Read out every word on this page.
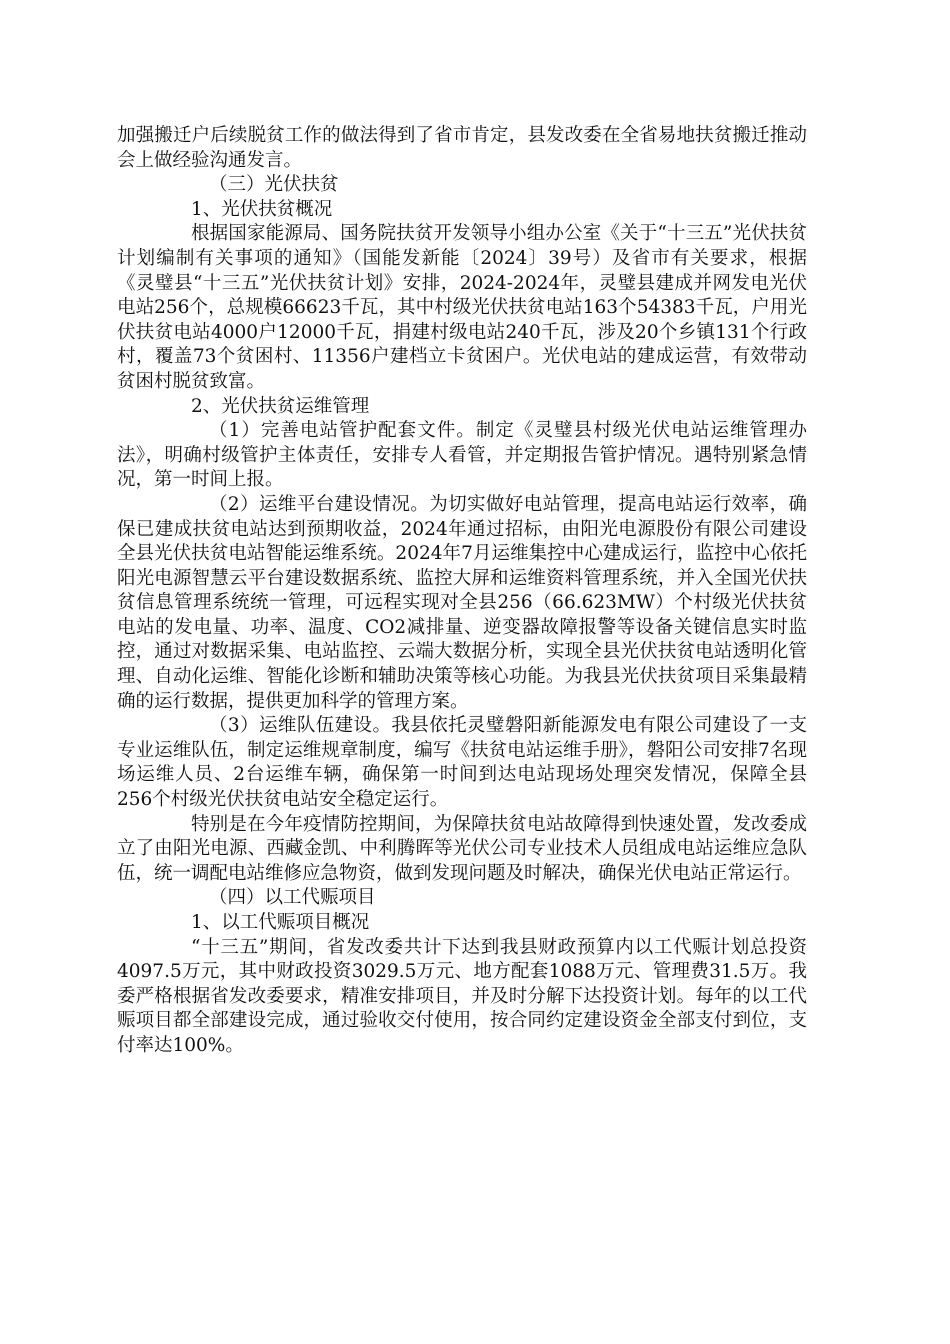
加强搬迁户后续脱贫工作的做法得到了省市肯定，县发改委在全省易地扶贫搬迁推动会上做经验沟通发言。

（三）光伏扶贫

1、光伏扶贫概况

根据国家能源局、国务院扶贫开发领导小组办公室《关于“十三五”光伏扶贫计划编制有关事项的通知》（国能发新能〔2024〕39号）及省市有关要求，根据《灵璧县“十三五”光伏扶贫计划》安排，2024-2024年，灵璧县建成并网发电光伏电站256个，总规模66623千瓦，其中村级光伏扶贫电站163个54383千瓦，户用光伏扶贫电站4000户12000千瓦，捐建村级电站240千瓦，涉及20个乡镇131个行政村，覆盖73个贫困村、11356户建档立卡贫困户。光伏电站的建成运营，有效带动贫困村脱贫致富。

2、光伏扶贫运维管理

（1）完善电站管护配套文件。制定《灵璧县村级光伏电站运维管理办法》，明确村级管护主体责任，安排专人看管，并定期报告管护情况。遇特别紧急情况，第一时间上报。

（2）运维平台建设情况。为切实做好电站管理，提高电站运行效率，确保已建成扶贫电站达到预期收益，2024年通过招标，由阳光电源股份有限公司建设全县光伏扶贫电站智能运维系统。2024年7月运维集控中心建成运行，监控中心依托阳光电源智慧云平台建设数据系统、监控大屏和运维资料管理系统，并入全国光伏扶贫信息管理系统统一管理，可远程实现对全县256（66.623MW）个村级光伏扶贫电站的发电量、功率、温度、CO2减排量、逆变器故障报警等设备关键信息实时监控，通过对数据采集、电站监控、云端大数据分析，实现全县光伏扶贫电站透明化管理、自动化运维、智能化诊断和辅助决策等核心功能。为我县光伏扶贫项目采集最精确的运行数据，提供更加科学的管理方案。

（3）运维队伍建设。我县依托灵璧磐阳新能源发电有限公司建设了一支专业运维队伍，制定运维规章制度，编写《扶贫电站运维手册》，磐阳公司安排7名现场运维人员、2台运维车辆，确保第一时间到达电站现场处理突发情况，保障全县256个村级光伏扶贫电站安全稳定运行。

特别是在今年疫情防控期间，为保障扶贫电站故障得到快速处置，发改委成立了由阳光电源、西藏金凯、中利腾晖等光伏公司专业技术人员组成电站运维应急队伍，统一调配电站维修应急物资，做到发现问题及时解决，确保光伏电站正常运行。

（四）以工代赈项目

1、以工代赈项目概况

“十三五”期间，省发改委共计下达到我县财政预算内以工代赈计划总投资4097.5万元，其中财政投资3029.5万元、地方配套1088万元、管理费31.5万。我委严格根据省发改委要求，精准安排项目，并及时分解下达投资计划。每年的以工代赈项目都全部建设完成，通过验收交付使用，按合同约定建设资金全部支付到位，支付率达100%。
